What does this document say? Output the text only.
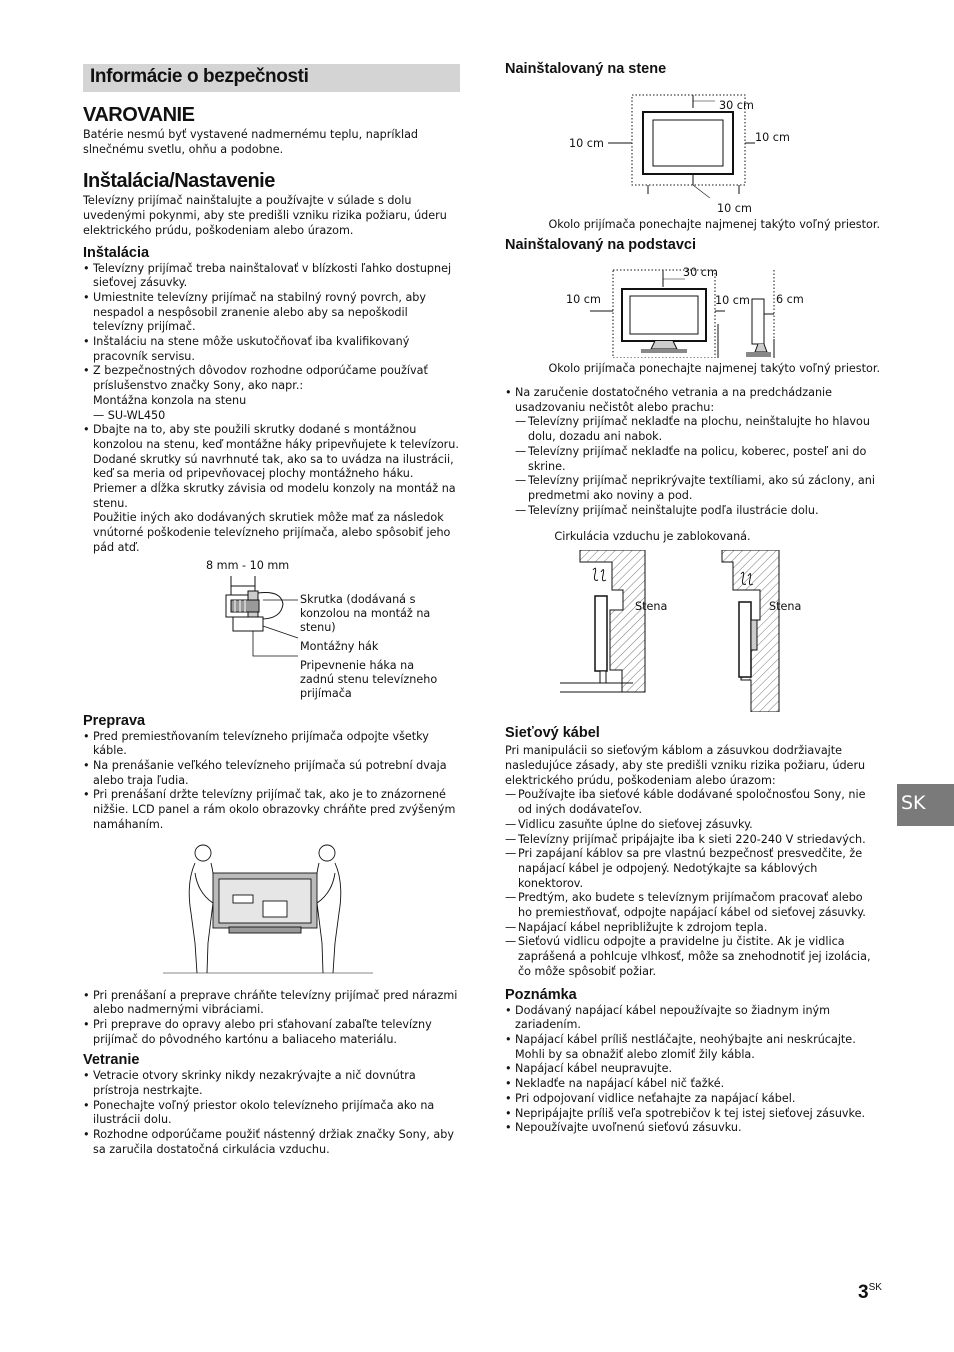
Informácie o bezpečnosti
VAROVANIE

Batérie nesmú byť vystavené nadmernému teplu, napríklad slnečnému svetlu, ohňu a podobne.

Inštalácia/Nastavenie

Televízny prijímač nainštalujte a používajte v súlade s dolu uvedenými pokynmi, aby ste predišli vzniku rizika požiaru, úderu elektrického prúdu, poškodeniam alebo úrazom.

Inštalácia
• Televízny prijímač treba nainštalovať v blízkosti ľahko dostupnej sieťovej zásuvky.
• Umiestnite televízny prijímač na stabilný rovný povrch, aby nespadol a nespôsobil zranenie alebo aby sa nepoškodil televízny prijímač.
• Inštaláciu na stene môže uskutočňovať iba kvalifikovaný pracovník servisu.
• Z bezpečnostných dôvodov rozhodne odporúčame používať príslušenstvo značky Sony, ako napr.:
Montážna konzola na stenu
— SU-WL450
• Dbajte na to, aby ste použili skrutky dodané s montážnou konzolou na stenu, keď montážne háky pripevňujete k televízoru. Dodané skrutky sú navrhnuté tak, ako sa to uvádza na ilustrácii, keď sa meria od pripevňovacej plochy montážneho háku.
Priemer a dĺžka skrutky závisia od modelu konzoly na montáž na stenu.
Použitie iných ako dodávaných skrutiek môže mať za následok vnútorné poškodenie televízneho prijímača, alebo spôsobiť jeho pád atď.
8 mm - 10 mm
Skrutka (dodávaná s konzolou na montáž na stenu)
Montážny hák
Pripevnenie háka na zadnú stenu televízneho prijímača
Preprava
• Pred premiestňovaním televízneho prijímača odpojte všetky káble.
• Na prenášanie veľkého televízneho prijímača sú potrební dvaja alebo traja ľudia.
• Pri prenášaní držte televízny prijímač tak, ako je to znázornené nižšie. LCD panel a rám okolo obrazovky chráňte pred zvýšeným namáhaním.
• Pri prenášaní a preprave chráňte televízny prijímač pred nárazmi alebo nadmernými vibráciami.
• Pri preprave do opravy alebo pri sťahovaní zabaľte televízny prijímač do pôvodného kartónu a baliaceho materiálu.
Vetranie
• Vetracie otvory skrinky nikdy nezakrývajte a nič dovnútra prístroja nestrkajte.
• Ponechajte voľný priestor okolo televízneho prijímača ako na ilustrácii dolu.
• Rozhodne odporúčame použiť nástenný držiak značky Sony, aby sa zaručila dostatočná cirkulácia vzduchu.
Nainštalovaný na stene
30 cm
10 cm	10 cm
10 cm
Okolo prijímača ponechajte najmenej takýto voľný priestor.
Nainštalovaný na podstavci
30 cm
10 cm	10 cm 6 cm
Okolo prijímača ponechajte najmenej takýto voľný priestor.
• Na zaručenie dostatočného vetrania a na predchádzanie usadzovaniu nečistôt alebo prachu:
— Televízny prijímač nekladťe na plochu, neinštalujte ho hlavou dolu, dozadu ani nabok.
— Televízny prijímač nekladťe na policu, koberec, posteľ ani do skrine.
— Televízny prijímač neprikrývajte textíliami, ako sú záclony, ani predmetmi ako noviny a pod.
— Televízny prijímač neinštalujte podľa ilustrácie dolu.
Cirkulácia vzduchu je zablokovaná.
Stena	Stena
Sieťový kábel

Pri manipulácii so sieťovým káblom a zásuvkou dodržiavajte nasledujúce zásady, aby ste predišli vzniku rizika požiaru, úderu elektrického prúdu, poškodeniam alebo úrazom:

— Používajte iba sieťové káble dodávané spoločnosťou Sony, nie od iných dodávateľov.
— Vidlicu zasuňte úplne do sieťovej zásuvky.
— Televízny prijímač pripájajte iba k sieti 220-240 V striedavých.
— Pri zapájaní káblov sa pre vlastnú bezpečnosť presvedčite, že napájací kábel je odpojený. Nedotýkajte sa káblových konektorov.
— Predtým, ako budete s televíznym prijímačom pracovať alebo ho premiestňovať, odpojte napájací kábel od sieťovej zásuvky.
— Napájací kábel nepribližujte k zdrojom tepla.
— Sieťovú vidlicu odpojte a pravidelne ju čistite. Ak je vidlica zaprášená a pohlcuje vlhkosť, môže sa znehodnotiť jej izolácia, čo môže spôsobiť požiar.
Poznámka
• Dodávaný napájací kábel nepoužívajte so žiadnym iným zariadením.
• Napájací kábel príliš nestláčajte, neohýbajte ani neskrúcajte. Mohli by sa obnažiť alebo zlomiť žily kábla.
• Napájací kábel neupravujte.
• Nekladťe na napájací kábel nič ťažké.
• Pri odpojovaní vidlice neťahajte za napájací kábel.
• Nepripájajte príliš veľa spotrebičov k tej istej sieťovej zásuvke.
• Nepoužívajte uvoľnenú sieťovú zásuvku.
SK
$3^{SK}$
